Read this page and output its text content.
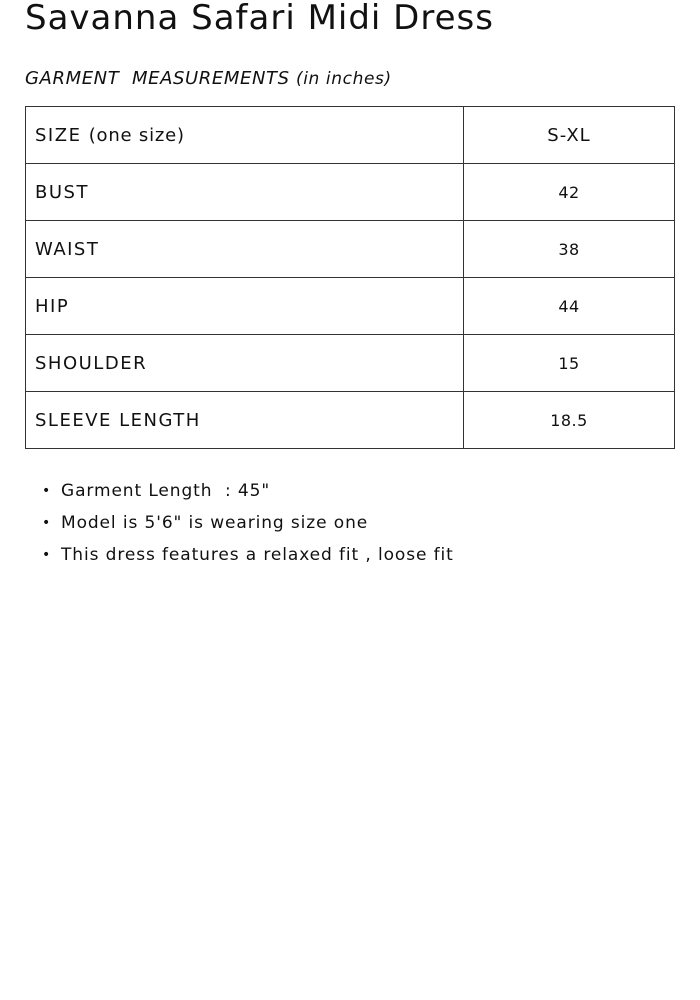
Savanna Safari Midi Dress
GARMENT  MEASUREMENTS (in inches)
SIZE (one size)	S-XL
BUST	42
WAIST	38
HIP	44
SHOULDER	15
SLEEVE LENGTH	18.5
• Garment Length  : 45"
• Model is 5'6" is wearing size one
• This dress features a relaxed fit , loose fit
